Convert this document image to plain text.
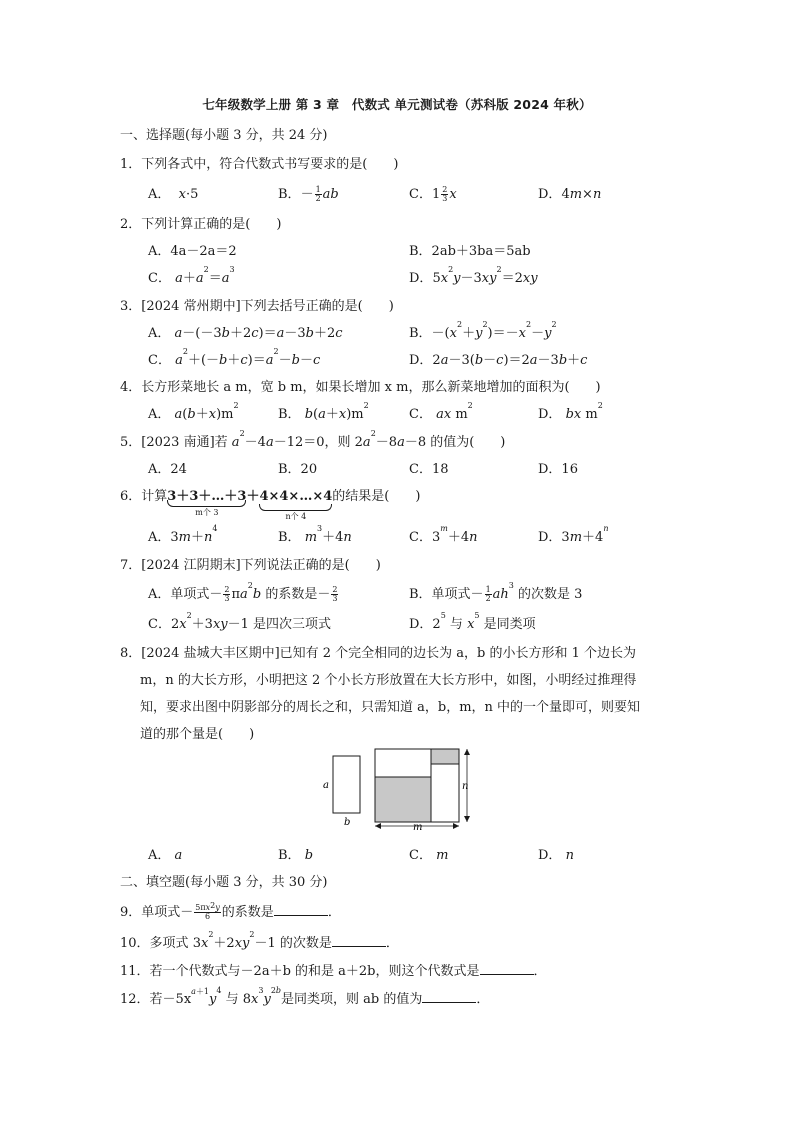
七年级数学上册 第 3 章　代数式 单元测试卷（苏科版 2024 年秋）
一、选择题(每小题 3 分，共 24 分)
1．下列各式中，符合代数式书写要求的是(　　)
A． x·5	B．－ $\frac{1}{2}$ ab	C．$1 \frac{2}{3}$ x	D．4m×n
2．下列计算正确的是(　　)
A．4a－2a＝2	B．2ab＋3ba＝5ab
C． $a+a^2=a^3$
D．$5x^2y-3xy^2=2xy$
3．[2024 常州期中]下列去括号正确的是(　　)
A． a－(－3b＋2c)＝a－3b＋2c	B．$-(x^2+y^2)=-x^2-y^2$
C． $a^2+(-b+c)=a^2-b-c$	D．2a－3(b－c)＝2a－3b＋c
4．长方形菜地长 a m，宽 b m，如果长增加 x m，那么新菜地增加的面积为(　　)
A． $a(b+x)m^2$
B． $b(a+x)m^2$
C． ax $m^2$
D． bx $m^2$
5．[2023 南通]若 $a^2-4a-12=0$，则 $2a^2-8a-8$ 的值为(　　)
A．24	B．20	C．18	D．16
6．计算3＋3＋…＋3
m个 3
＋4×4×…×4
n个 4
的结果是(　　)
A．$3m+n^4$
B． $m^3+4n$	C．$3^m+4n$	D．$3m+4^n$
7．[2024 江阴期末]下列说法正确的是(　　)
A．单项式－ $\frac{2}{3} \pi a^2b$ 的系数是－ $\frac{2}{3}$	B．单项式－ $\frac{1}{2} ah^3$ 的次数是 3
C．$2x^2+3xy-1$ 是四次三项式	D．$2^5$ 与 $x^5$ 是同类项
8．[2024 盐城大丰区期中]已知有 2 个完全相同的边长为 a，b 的小长方形和 1 个边长为
m，n 的大长方形，小明把这 2 个小长方形放置在大长方形中，如图，小明经过推理得
知，要求出图中阴影部分的周长之和，只需知道 a，b，m，n 中的一个量即可，则要知
道的那个量是(　　)
a
b
n
m
A． a	B． b	C． m	D． n
二、填空题(每小题 3 分，共 30 分)
9．单项式－ $\frac{5\pi x^2y}{6}$ 的系数是	．
10．多项式 $3x^2+2xy^2-1$ 的次数是	．
11．若一个代数式与－2a＋b 的和是 a＋2b，则这个代数式是	．
12．若$-5x^{a+1}y^4$ 与 $8x^3y^{2b}$是同类项，则 ab 的值为	．
